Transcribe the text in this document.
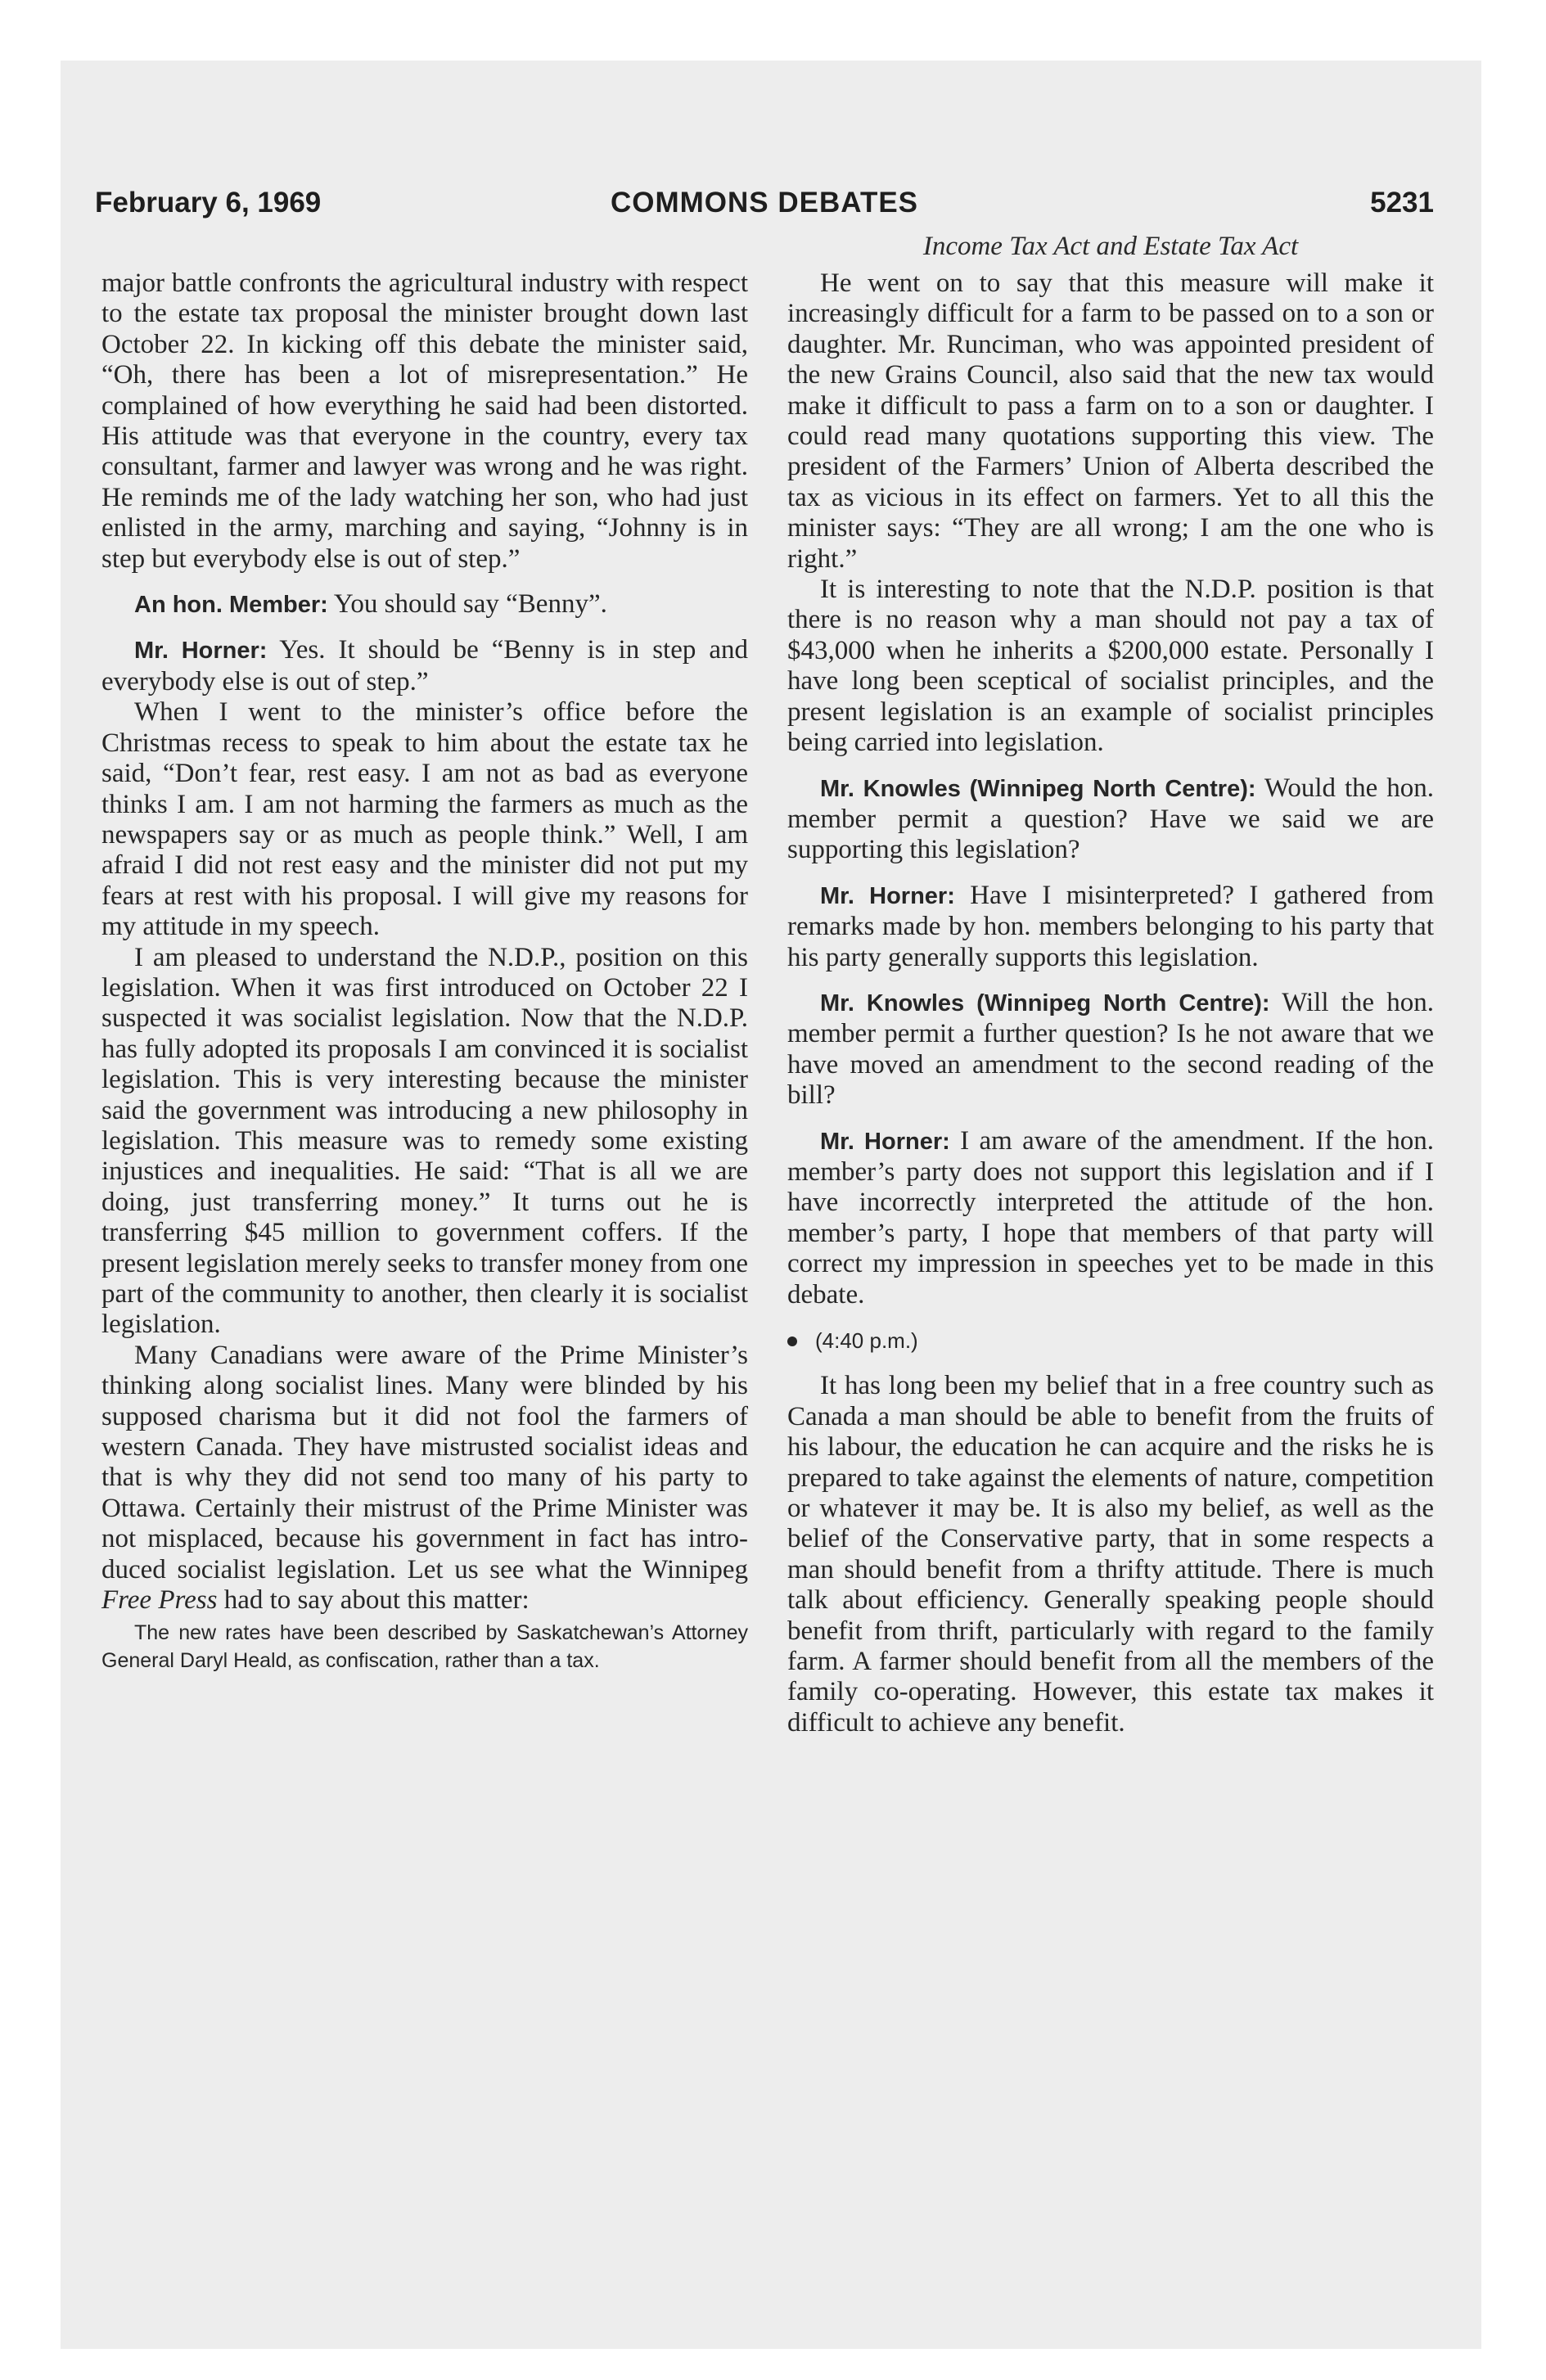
February 6, 1969	COMMONS DEBATES	5231
Income Tax Act and Estate Tax Act

major battle confronts the agricultural industry with respect to the estate tax proposal the minister brought down last October 22. In kicking off this debate the minister said, “Oh, there has been a lot of misrepresentation.” He complained of how everything he said had been distorted. His attitude was that everyone in the country, every tax consultant, farmer and lawyer was wrong and he was right. He reminds me of the lady watching her son, who had just enlisted in the army, marching and saying, “Johnny is in step but everybody else is out of step.”

An hon. Member: You should say “Benny”.

Mr. Horner: Yes. It should be “Benny is in step and everybody else is out of step.”

When I went to the minister’s office before the Christmas recess to speak to him about the estate tax he said, “Don’t fear, rest easy. I am not as bad as everyone thinks I am. I am not harming the farmers as much as the newspapers say or as much as people think.” Well, I am afraid I did not rest easy and the minister did not put my fears at rest with his proposal. I will give my reasons for my attitude in my speech.

I am pleased to understand the N.D.P., position on this legislation. When it was first introduced on October 22 I suspected it was socialist legislation. Now that the N.D.P. has fully adopted its proposals I am convinced it is socialist legislation. This is very interesting because the minister said the government was introducing a new philosophy in legislation. This measure was to remedy some existing injustices and inequalities. He said: “That is all we are doing, just transferring money.” It turns out he is transferring $45 million to government coffers. If the present legislation merely seeks to transfer money from one part of the community to another, then clearly it is socialist legislation.

Many Canadians were aware of the Prime Minister’s thinking along socialist lines. Many were blinded by his supposed charisma but it did not fool the farmers of western Canada. They have mistrusted socialist ideas and that is why they did not send too many of his party to Ottawa. Certainly their mistrust of the Prime Minister was not misplaced, because his government in fact has introduced socialist legislation. Let us see what the Winnipeg Free Press had to say about this matter:

The new rates have been described by Saskatchewan’s Attorney General Daryl Heald, as confiscation, rather than a tax.

He went on to say that this measure will make it increasingly difficult for a farm to be passed on to a son or daughter. Mr. Runciman, who was appointed president of the new Grains Council, also said that the new tax would make it difficult to pass a farm on to a son or daughter. I could read many quotations supporting this view. The president of the Farmers’ Union of Alberta described the tax as vicious in its effect on farmers. Yet to all this the minister says: “They are all wrong; I am the one who is right.”

It is interesting to note that the N.D.P. position is that there is no reason why a man should not pay a tax of $43,000 when he inherits a $200,000 estate. Personally I have long been sceptical of socialist principles, and the present legislation is an example of socialist principles being carried into legislation.

Mr. Knowles (Winnipeg North Centre): Would the hon. member permit a question? Have we said we are supporting this legislation?

Mr. Horner: Have I misinterpreted? I gathered from remarks made by hon. members belonging to his party that his party generally supports this legislation.

Mr. Knowles (Winnipeg North Centre): Will the hon. member permit a further question? Is he not aware that we have moved an amendment to the second reading of the bill?

Mr. Horner: I am aware of the amendment. If the hon. member’s party does not support this legislation and if I have incorrectly interpreted the attitude of the hon. member’s party, I hope that members of that party will correct my impression in speeches yet to be made in this debate.

(4:40 p.m.)

It has long been my belief that in a free country such as Canada a man should be able to benefit from the fruits of his labour, the education he can acquire and the risks he is prepared to take against the elements of nature, competition or whatever it may be. It is also my belief, as well as the belief of the Conservative party, that in some respects a man should benefit from a thrifty attitude. There is much talk about efficiency. Generally speaking people should benefit from thrift, particularly with regard to the family farm. A farmer should benefit from all the members of the family co-operating. However, this estate tax makes it difficult to achieve any benefit.
